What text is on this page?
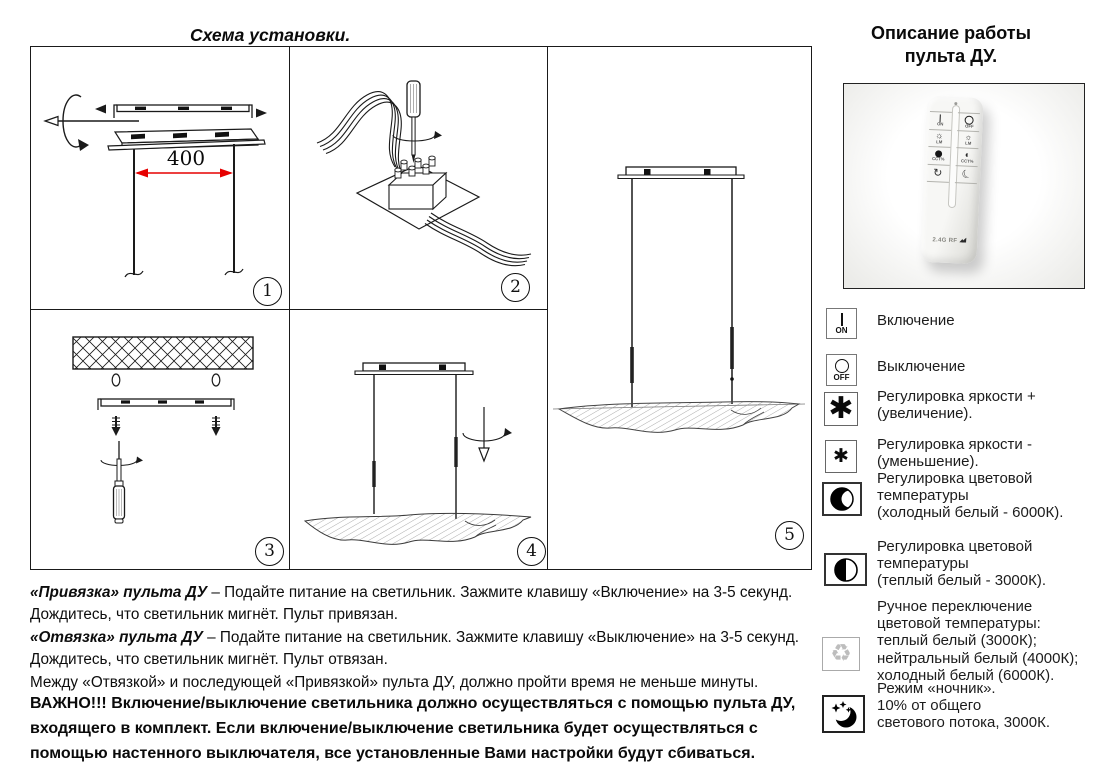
Схема установки.	Описание работы
пульта ДУ.
400
1	2
3	4
5
ON	OFF
☼
LM
☼
LM
CCT% ◐
CCT%
↻ ☾
2.4G RF
ON
Включение
OFF
Выключение
✱ Регулировка яркости +
(увеличение).
✱
Регулировка яркости -
(уменьшение).
Регулировка цветовой
температуры
(холодный белый - 6000К).
Регулировка цветовой
температуры
(теплый белый - 3000К).
♻
Ручное переключение
цветовой температуры:
теплый белый (3000К);
нейтральный белый (4000К);
холодный белый (6000К).
Режим «ночник».
10% от общего
светового потока, 3000К.
«Привязка» пульта ДУ – Подайте питание на светильник. Зажмите клавишу «Включение» на 3-5 секунд. Дождитесь, что светильник мигнёт. Пульт привязан.
«Отвязка» пульта ДУ – Подайте питание на светильник. Зажмите клавишу «Выключение» на 3-5 секунд. Дождитесь, что светильник мигнёт. Пульт отвязан.
Между «Отвязкой» и последующей «Привязкой» пульта ДУ, должно пройти время не меньше минуты.
ВАЖНО!!! Включение/выключение светильника должно осуществляться с помощью пульта ДУ, входящего в комплект. Если включение/выключение светильника будет осуществляться с помощью настенного выключателя, все установленные Вами настройки будут сбиваться.
